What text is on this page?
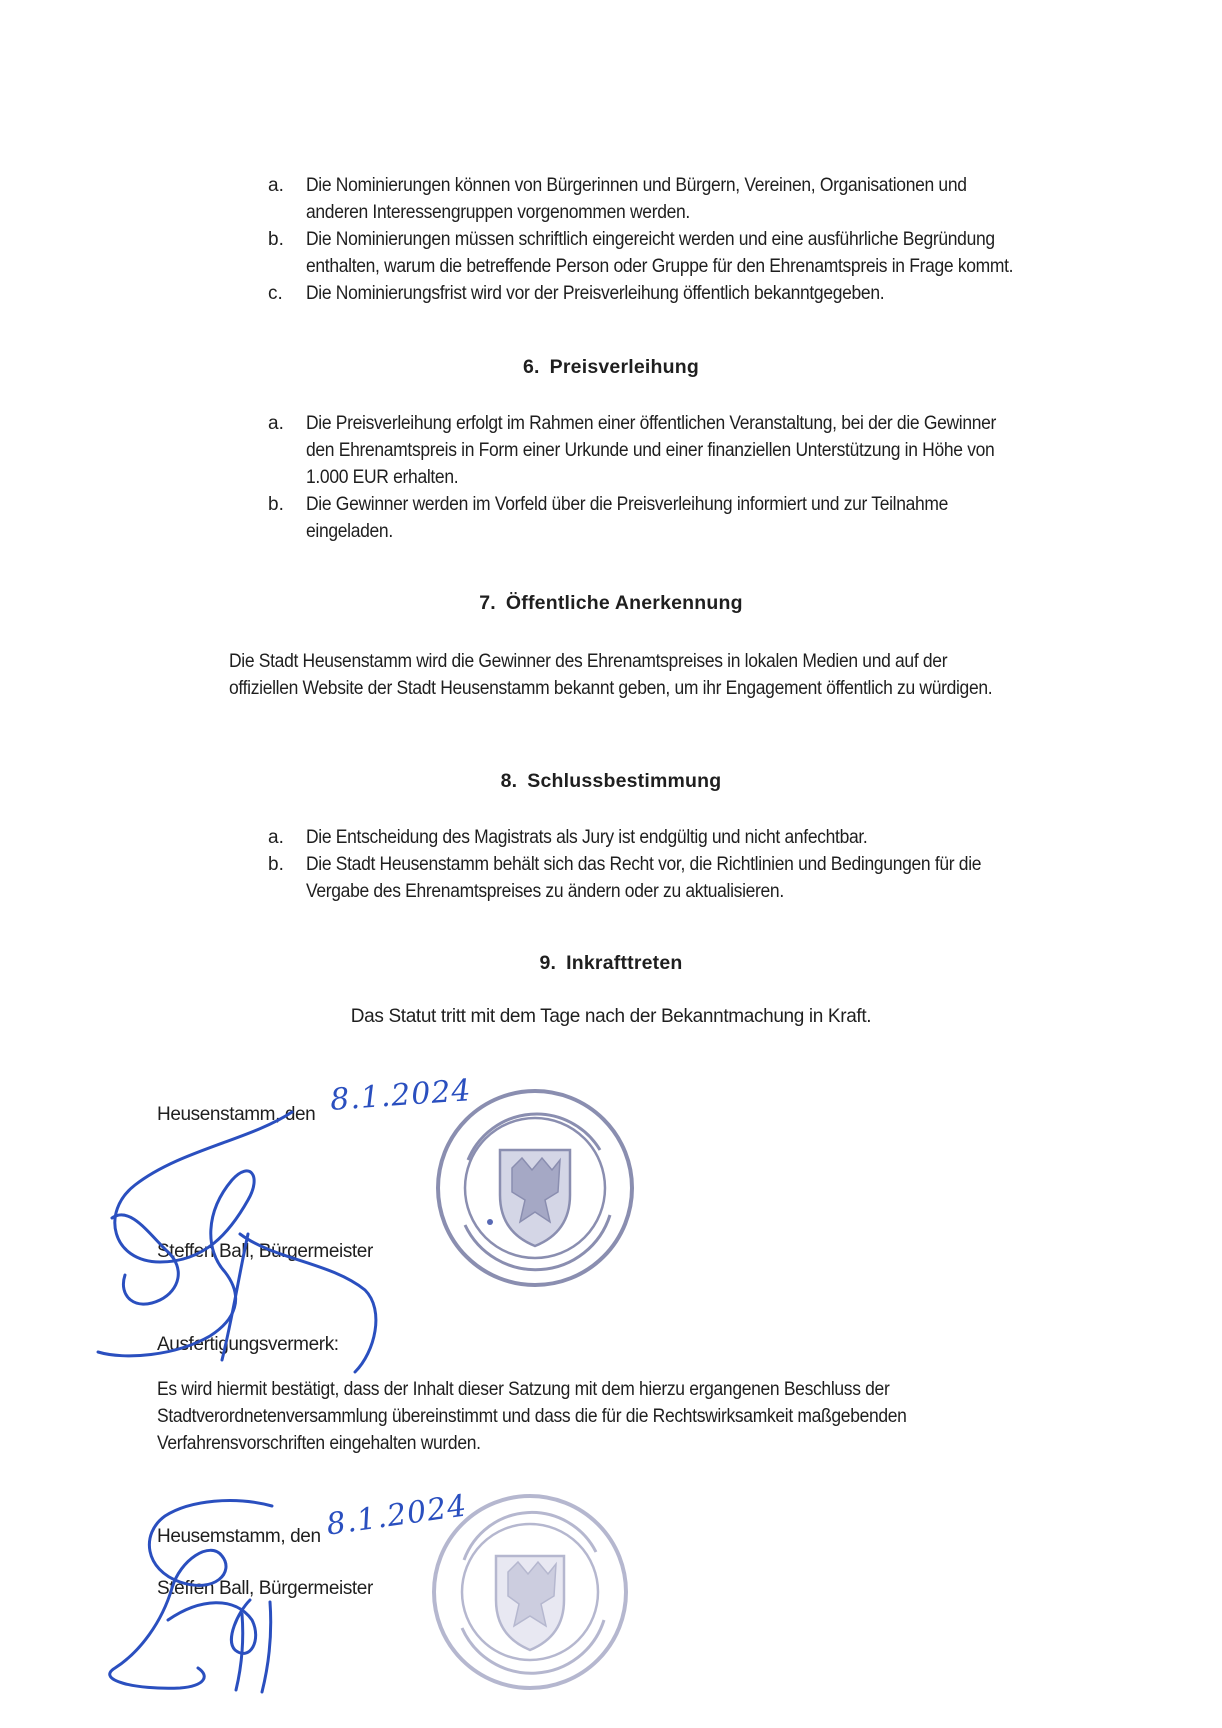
a. Die Nominierungen können von Bürgerinnen und Bürgern, Vereinen, Organisationen und
anderen Interessengruppen vorgenommen werden.
b. Die Nominierungen müssen schriftlich eingereicht werden und eine ausführliche Begründung
enthalten, warum die betreffende Person oder Gruppe für den Ehrenamtspreis in Frage kommt.
c. Die Nominierungsfrist wird vor der Preisverleihung öffentlich bekanntgegeben.
6. Preisverleihung
a. Die Preisverleihung erfolgt im Rahmen einer öffentlichen Veranstaltung, bei der die Gewinner
den Ehrenamtspreis in Form einer Urkunde und einer finanziellen Unterstützung in Höhe von
1.000 EUR erhalten.
b. Die Gewinner werden im Vorfeld über die Preisverleihung informiert und zur Teilnahme
eingeladen.
7. Öffentliche Anerkennung
Die Stadt Heusenstamm wird die Gewinner des Ehrenamtspreises in lokalen Medien und auf der
offiziellen Website der Stadt Heusenstamm bekannt geben, um ihr Engagement öffentlich zu würdigen.
8. Schlussbestimmung
a. Die Entscheidung des Magistrats als Jury ist endgültig und nicht anfechtbar.
b. Die Stadt Heusenstamm behält sich das Recht vor, die Richtlinien und Bedingungen für die
Vergabe des Ehrenamtspreises zu ändern oder zu aktualisieren.
9. Inkrafttreten
Das Statut tritt mit dem Tage nach der Bekanntmachung in Kraft.
Heusenstamm, den 8.1.2024
Steffen Ball, Bürgermeister
Ausfertigungsvermerk:
Es wird hiermit bestätigt, dass der Inhalt dieser Satzung mit dem hierzu ergangenen Beschluss der
Stadtverordnetenversammlung übereinstimmt und dass die für die Rechtswirksamkeit maßgebenden
Verfahrensvorschriften eingehalten wurden.
Heusemstamm, den 8.1.2024
Steffen Ball, Bürgermeister
